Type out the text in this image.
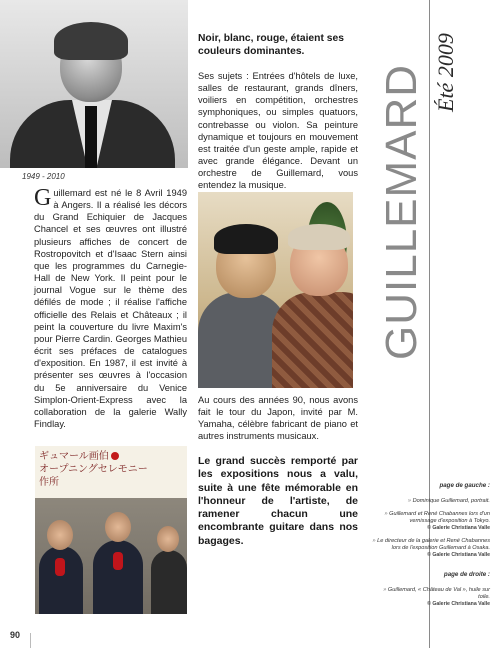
1949 - 2010

Guillemard est né le 8 Avril 1949 à Angers. Il a réalisé les décors du Grand Echiquier de Jacques Chancel et ses œuvres ont illustré plusieurs affiches de concert de Rostropovitch et d'Isaac Stern ainsi que les programmes du Carnegie-Hall de New York. Il peint pour le journal Vogue sur le thème des défilés de mode ; il réalise l'affiche officielle des Relais et Châteaux ; il peint la couverture du livre Maxim's pour Pierre Cardin. Georges Mathieu écrit ses préfaces de catalogues d'exposition. En 1987, il est invité à présenter ses œuvres à l'occasion du 5e anniversaire du Venice Simplon-Orient-Express avec la collaboration de la galerie Wally Findlay.

ギュマール画伯
オープニングセレモニー
作所
Noir, blanc, rouge, étaient ses couleurs dominantes.
Ses sujets : Entrées d'hôtels de luxe, salles de restaurant, grands dîners, voiliers en compétition, orchestres symphoniques, ou simples quatuors, contrebasse ou violon. Sa peinture dynamique et toujours en mouvement est traitée d'un geste ample, rapide et avec grande élégance. Devant un orchestre de Guillemard, vous entendez la musique.
Au cours des années 90, nous avons fait le tour du Japon, invité par M. Yamaha, célèbre fabricant de piano et autres instruments musicaux.
Le grand succès remporté par les expositions nous a valu, suite à une fête mémorable en l'honneur de l'artiste, de ramener chacun une encombrante guitare dans nos bagages.
GUILLEMARD Été 2009
page de gauche :
» Dominique Guillemard, portrait.
» Guillemard et René Chabannes lors d'un vernissage d'exposition à Tokyo.
© Galerie Christiana Valle
» Le directeur de la galerie et René Chabannes lors de l'exposition Guillemard à Osaka.
© Galerie Christiana Valle
page de droite :
» Guillemard, « Château de Val », huile sur toile.
© Galerie Christiana Valle
90
